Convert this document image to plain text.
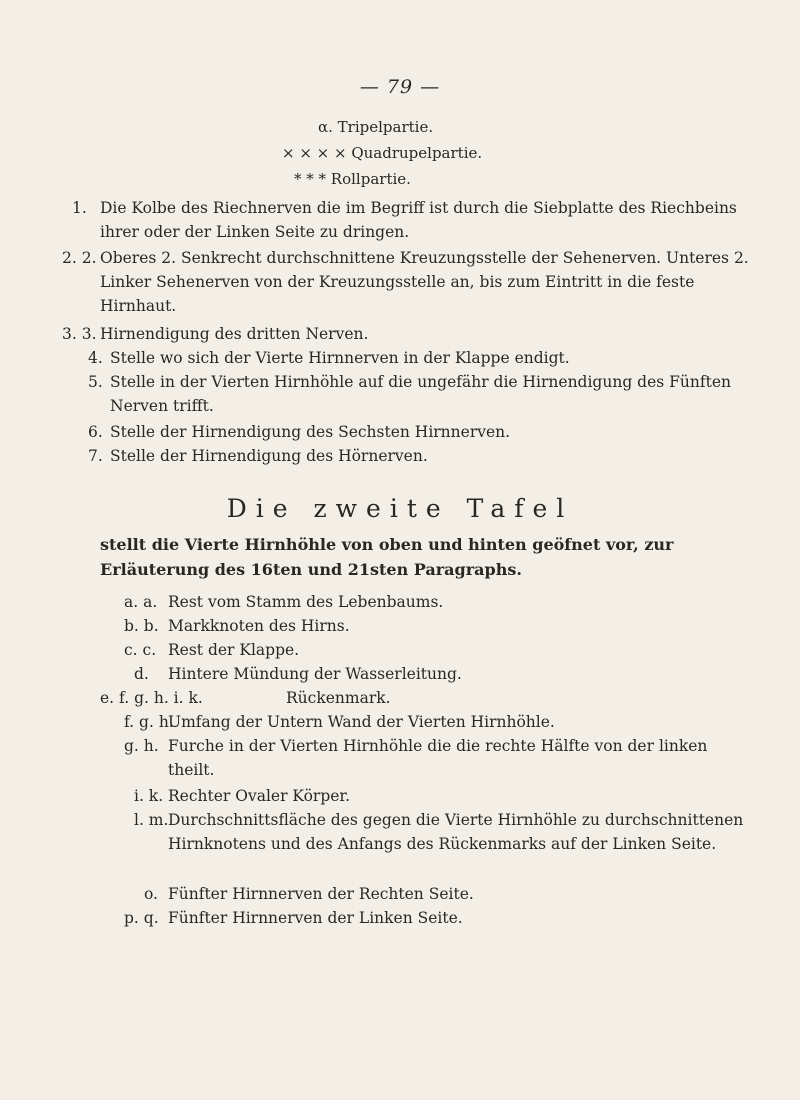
— 79 —
α. Tripelpartie.
× × × × Quadrupelpartie.
* * * Rollpartie.
1. Die Kolbe des Riechnerven die im Begriff ist durch die Siebplatte des Riechbeins ihrer oder der Linken Seite zu dringen.
2. 2. Oberes 2. Senkrecht durchschnittene Kreuzungsstelle der Sehenerven. Unteres 2. Linker Sehenerven von der Kreuzungsstelle an, bis zum Eintritt in die feste Hirnhaut.
3. 3. Hirnendigung des dritten Nerven.
4. Stelle wo sich der Vierte Hirnnerven in der Klappe endigt.
5. Stelle in der Vierten Hirnhöhle auf die ungefähr die Hirnendigung des Fünften Nerven trifft.
6. Stelle der Hirnendigung des Sechsten Hirnnerven.
7. Stelle der Hirnendigung des Hörnerven.
Die zweite Tafel
stellt die Vierte Hirnhöhle von oben und hinten geöfnet vor, zur Erläuterung des 16ten und 21sten Paragraphs.
a. a. Rest vom Stamm des Lebenbaums.
b. b. Markknoten des Hirns.
c. c. Rest der Klappe.
d.	Hintere Mündung der Wasserleitung.
e. f. g. h. i. k.	Rückenmark.
f. g. h.
Umfang der Untern Wand der Vierten Hirnhöhle.
g. h. Furche in der Vierten Hirnhöhle die die rechte Hälfte von der linken theilt.
i. k. Rechter Ovaler Körper.
l. m. Durchschnittsfläche des gegen die Vierte Hirnhöhle zu durchschnittenen Hirnknotens und des Anfangs des Rückenmarks auf der Linken Seite.
o. Fünfter Hirnnerven der Rechten Seite.
p. q. Fünfter Hirnnerven der Linken Seite.
